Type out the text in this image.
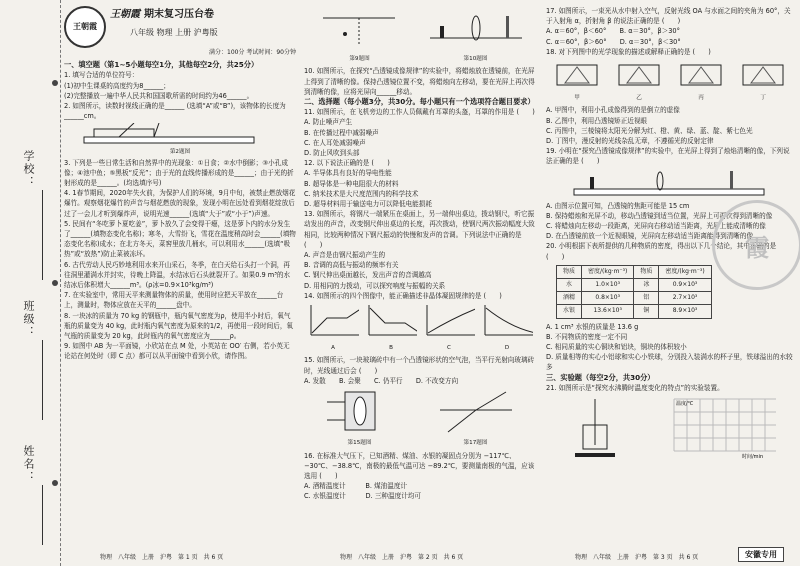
学校：
班级：
姓名：
王朝霞
王朝霞 期末复习压台卷
八年级 物理 上册 沪粤版
满分：100分 考试时间：90分钟

一、填空题（第1~5小题每空1分，其他每空2分，共25分）

1. 填写合适的单位符号：

(1)初中生课桌的高度约为8______；

(2)完整播放一遍中华人民共和国国歌所需的时间约为46______。

2. 如图所示，读数时视线正确的是______ (选填“A”或“B”)，该物体的长度为______cm。

第2题图

3. 下列是一些日常生活和自然界中的光现象：①日食；②水中倒影；③小孔成像；④池中鱼；⑤黑板“反光”；由于光的直线传播形成的是______；由于光的折射形成的是______。(均选填序号)

4. 1春节期间，2020年失火前，为保护人们的环境，9月中旬，被禁止燃放烟花爆竹。观察烟花爆竹的声音与烟花燃放的现象，发现小明在远处看到烟花绽放后过了一会儿才听到爆炸声，说明光速______(选填“大于”或“小于”)声速。

5. 民间有“冬吃萝卜夏吃姜”，萝卜放久了会变得干瘪，这是萝卜内的水分发生了______(填物态变化名称)；寒冬，大雪纷飞，雪花在温度稍高时会______(填物态变化名称)成水；在北方冬天，菜窖里放几桶水，可以利用水______(选填“吸热”或“放热”)防止菜被冻坏。

6. 古代劳动人民巧妙地利用水来开山采石，冬季，在白天给石头打一个洞，再往洞里灌满水并封实，待晚上降温，水结冰后石头就裂开了。如果0.9 m³的水结冰后体积增大______m³。(ρ冰=0.9×10³kg/m³)

7. 在实验室中，常用天平来测量物体的质量，使用时应把天平放在______台上，测量时，物体应放在天平的______盘中。

8. 一块冰的质量为 70 kg 的钢瓶中，瓶内氧气密度为ρ，使用半小时后，氧气瓶的质量变为 40 kg，此时瓶内氧气密度为原来的1/2，再使用一段时间后，氧气瓶的质量变为 20 kg，此时瓶内的氧气密度应为______ρ。

9. 如图中 AB 为一平面镜，小欣站在点 M 处，小英站在 OO′ 右侧，若小英无论站在何处时（即 C 点）都可以从平面镜中看到小欣，请作图。

第9题图	第10题图

10. 如图所示，在探究“凸透镜成像规律”的实验中，将蜡烛放在透镜前，在光屏上得到了清晰的像。保持凸透镜位置不变，将蜡烛向左移动，要在光屏上再次得到清晰的像，应将光屏向______移动。

二、选择题（每小题3分，共30分。每小题只有一个选项符合题目要求）

11. 如图所示，在飞机旁边的工作人员佩戴有耳罩的头盔，耳罩的作用是 (　　)

A. 防止噪声产生

B. 在传播过程中减弱噪声

C. 在人耳处减弱噪声

D. 防止风吹到头部

12. 以下说法正确的是 (　　)

A. 半导体具有良好的导电性能

B. 超导体是一种电阻很大的材料

C. 纳米技术是大尺度范围内的科学技术

D. 超导材料用于输送电力可以降低电能损耗

13. 如图所示，将钢尺一端紧压在桌面上，另一端伸出桌边，拨动钢尺，听它振动发出的声音，改变钢尺伸出桌边的长度，再次拨动，使钢尺两次振动幅度大致相同，比较两种情况下钢尺振动的快慢和发声的音调。下列说法中正确的是 (　　)

A. 声音是由钢尺振动产生的

B. 音调的高低与振动的频率有关

C. 钢尺伸出桌面越长，发出声音的音调越高

D. 用相同的力拨动，可以探究响度与振幅的关系

14. 如图所示的四个图像中，能正确描述非晶体凝固规律的是 (　　)

A	B	C	D

15. 如图所示，一块玻璃砖中有一个凸透镜形状的空气泡，当平行光射向玻璃砖时，光线通过后会 (　　)

A. 发散　　B. 会聚　　C. 仍平行　　D. 不改变方向

第15题图	第17题图

16. 在标准大气压下，已知酒精、煤油、水银的凝固点分别为 −117℃、−30℃、−38.8℃，南极的最低气温可达 −89.2℃，要测量南极的气温，应该选用 (　　)

A. 酒精温度计　　　B. 煤油温度计

C. 水银温度计　　　D. 三种温度计均可

17. 如图所示，一束光从水中射入空气，反射光线 OA 与水面之间的夹角为 60°，关于入射角 α，折射角 β 的说法正确的是 (　　)

A. α＝60°，β＜60°　　B. α＝30°，β＞30°

C. α＝60°，β＞60°　　D. α＝30°，β＜30°

18. 对下列图中的光学现象的描述或解释正确的是 (　　)

甲	乙	丙	丁

A. 甲图中，利用小孔成像得到的是倒立的虚像

B. 乙图中，利用凸透镜矫正近视眼

C. 丙图中，三棱镜将太阳光分解为红、橙、黄、绿、蓝、靛、紫七色光

D. 丁图中，漫反射的光线杂乱无章，不遵循光的反射定律

19. 小明在“探究凸透镜成像规律”的实验中，在光屏上得到了烛焰清晰的像，下列说法正确的是 (　　)

A. 由图示位置可知，凸透镜的焦距可能是 15 cm

B. 保持蜡烛和光屏不动，移动凸透镜到适当位置，光屏上可再次得到清晰的像

C. 将蜡烛向左移动一段距离，光屏向右移动适当距离，光屏上能成清晰的像

D. 在凸透镜前放一个近视眼镜，光屏向左移动适当距离能得到清晰的像

20. 小明根据下表所提供的几种物质的密度，得出以下几个结论，其中正确的是 (　　)

物质	密度/(kg·m⁻³)	物质	密度/(kg·m⁻³)
水	1.0×10³	冰	0.9×10³
酒精	0.8×10³	铝	2.7×10³
水银	13.6×10³	铜	8.9×10³

A. 1 cm³ 水银的质量是 13.6 g

B. 不同物质的密度一定不同

C. 相同质量的实心铜块和铝块，铜块的体积较小

D. 质量相等的实心小铝球和实心小铁球，分别投入装满水的杯子里，铁球溢出的水较多

三、实验题（每空2分，共30分）

21. 如图所示是“探究水沸腾时温度变化的特点”的实验装置。

温度/℃
时间/min
霞
物理　八年级　上册　沪粤　第 1 页　共 6 页	物理　八年级　上册　沪粤　第 2 页　共 6 页	物理　八年级　上册　沪粤　第 3 页　共 6 页	安徽专用
